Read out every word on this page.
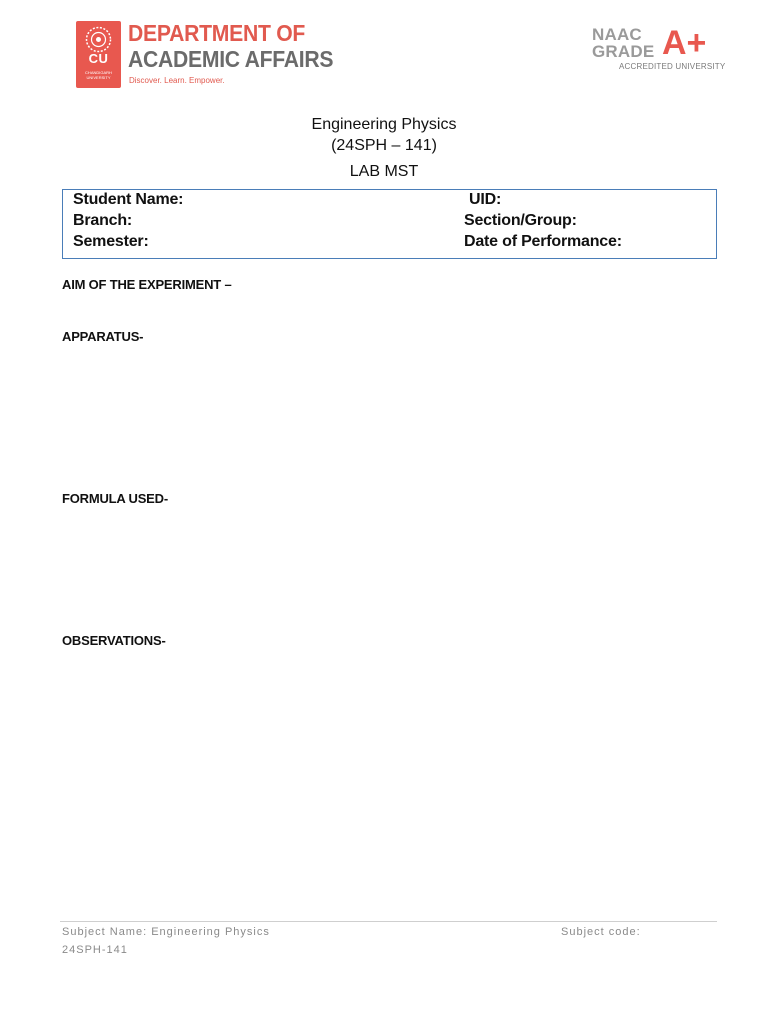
CU
CHANDIGARH UNIVERSITY
DEPARTMENT OF
ACADEMIC AFFAIRS
Discover. Learn. Empower.
NAAC
GRADE A+
ACCREDITED UNIVERSITY
Engineering Physics
(24SPH – 141)
LAB MST
Student Name:	UID:
Branch:	Section/Group:
Semester:	Date of Performance:
AIM OF THE EXPERIMENT –
APPARATUS-
FORMULA USED-
OBSERVATIONS-
Subject Name: Engineering Physics	Subject code:
24SPH-141
